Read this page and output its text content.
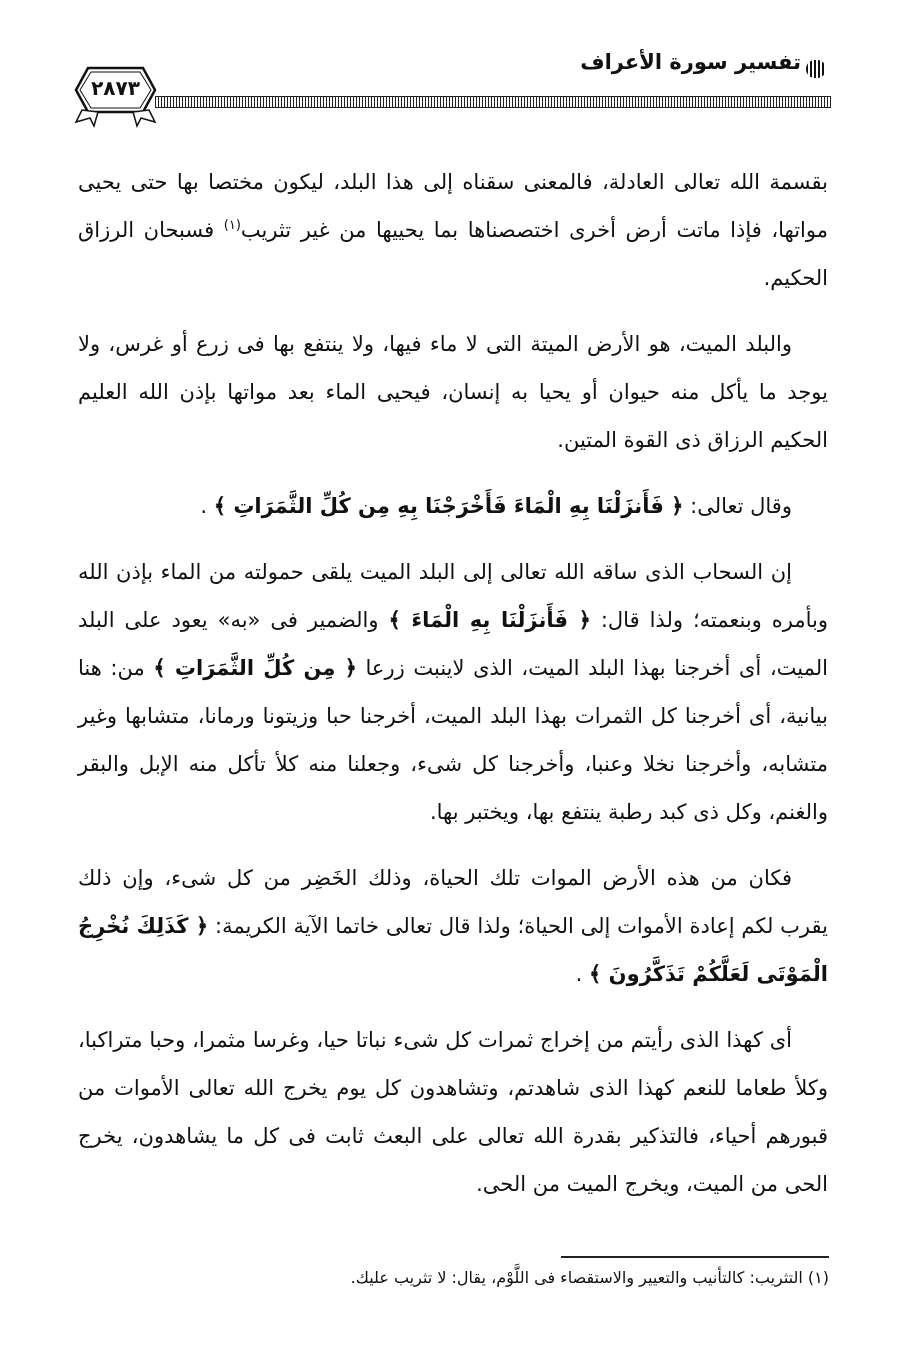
تفسير سورة الأعراف
٢٨٧٣

بقسمة الله تعالى العادلة، فالمعنى سقناه إلى هذا البلد، ليكون مختصا بها حتى يحيى مواتها، فإذا ماتت أرض أخرى اختصصناها بما يحييها من غير تثريب$^{(١)}$ فسبحان الرزاق الحكيم.

والبلد الميت، هو الأرض الميتة التى لا ماء فيها، ولا ينتفع بها فى زرع أو غرس، ولا يوجد ما يأكل منه حيوان أو يحيا به إنسان، فيحيى الماء بعد مواتها بإذن الله العليم الحكيم الرزاق ذى القوة المتين.

وقال تعالى: ﴿ فَأَنزَلْنَا بِهِ الْمَاءَ فَأَخْرَجْنَا بِهِ مِن كُلِّ الثَّمَرَاتِ ﴾ .

إن السحاب الذى ساقه الله تعالى إلى البلد الميت يلقى حمولته من الماء بإذن الله وبأمره وبنعمته؛ ولذا قال: ﴿ فَأَنزَلْنَا بِهِ الْمَاءَ ﴾ والضمير فى «به» يعود على البلد الميت، أى أخرجنا بهذا البلد الميت، الذى لاينبت زرعا ﴿ مِن كُلِّ الثَّمَرَاتِ ﴾ من: هنا بيانية، أى أخرجنا كل الثمرات بهذا البلد الميت، أخرجنا حبا وزيتونا ورمانا، متشابها وغير متشابه، وأخرجنا نخلا وعنبا، وأخرجنا كل شىء، وجعلنا منه كلأ تأكل منه الإبل والبقر والغنم، وكل ذى كبد رطبة ينتفع بها، ويختبر بها.

فكان من هذه الأرض الموات تلك الحياة، وذلك الخَضِر من كل شىء، وإن ذلك يقرب لكم إعادة الأموات إلى الحياة؛ ولذا قال تعالى خاتما الآية الكريمة: ﴿ كَذَلِكَ نُخْرِجُ الْمَوْتَى لَعَلَّكُمْ تَذَكَّرُونَ ﴾ .

أى كهذا الذى رأيتم من إخراج ثمرات كل شىء نباتا حيا، وغرسا مثمرا، وحبا متراكبا، وكلأ طعاما للنعم كهذا الذى شاهدتم، وتشاهدون كل يوم يخرج الله تعالى الأموات من قبورهم أحياء، فالتذكير بقدرة الله تعالى على البعث ثابت فى كل ما يشاهدون، يخرج الحى من الميت، ويخرج الميت من الحى.

(١) التثريب: كالتأنيب والتعيير والاستقصاء فى اللَّوْم، يقال: لا تثريب عليك.
